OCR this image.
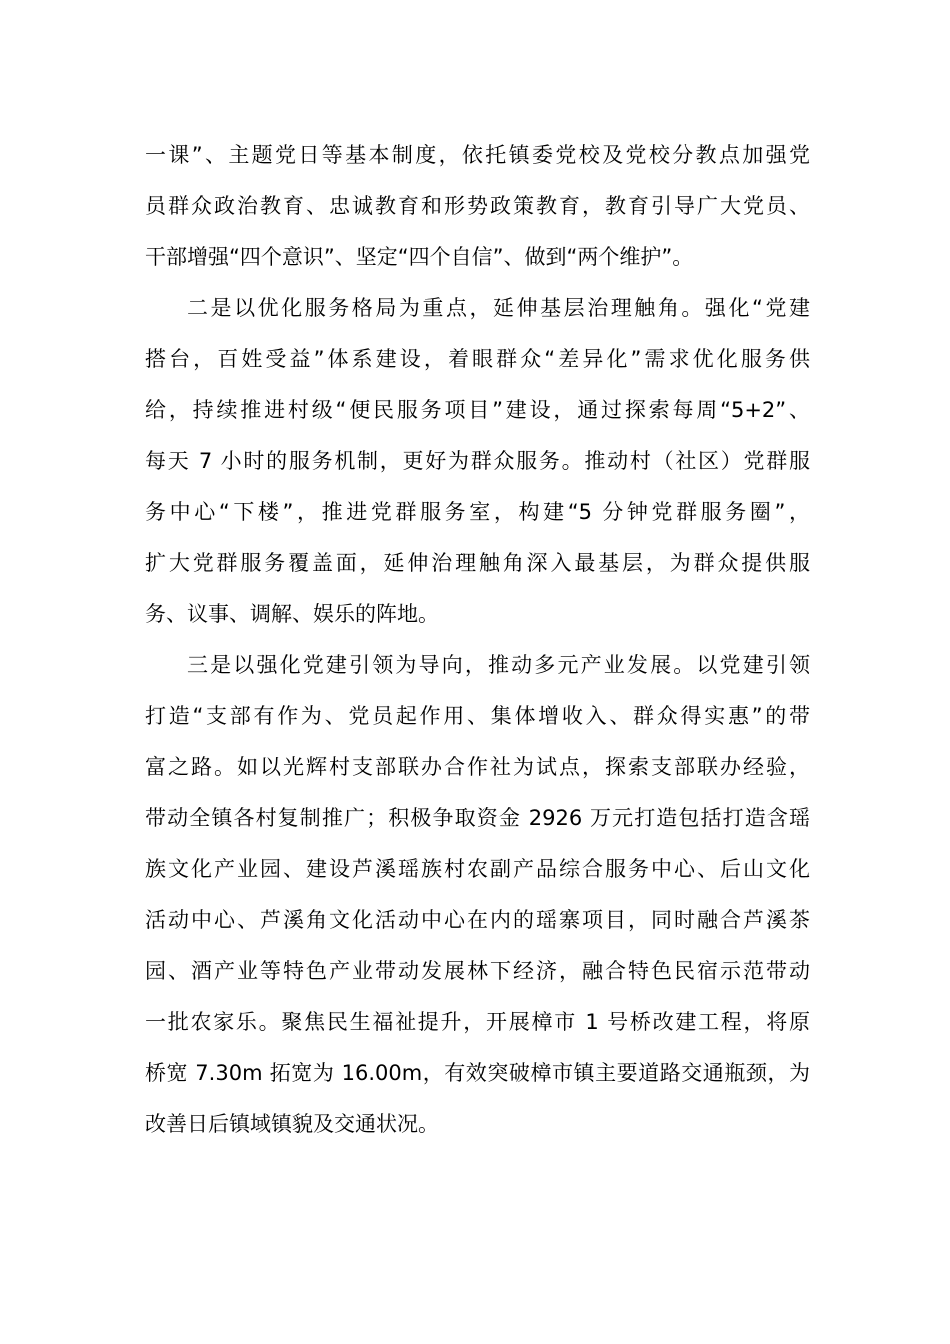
一课”、主题党日等基本制度，依托镇委党校及党校分教点加强党
员群众政治教育、忠诚教育和形势政策教育，教育引导广大党员、
干部增强“四个意识”、坚定“四个自信”、做到“两个维护”。
二是以优化服务格局为重点，延伸基层治理触角。强化“党建
搭台，百姓受益”体系建设，着眼群众“差异化”需求优化服务供
给，持续推进村级“便民服务项目”建设，通过探索每周“5+2”、
每天 7 小时的服务机制，更好为群众服务。推动村（社区）党群服
务中心“下楼”，推进党群服务室，构建“5 分钟党群服务圈”，
扩大党群服务覆盖面，延伸治理触角深入最基层，为群众提供服
务、议事、调解、娱乐的阵地。
三是以强化党建引领为导向，推动多元产业发展。以党建引领
打造“支部有作为、党员起作用、集体增收入、群众得实惠”的带
富之路。如以光辉村支部联办合作社为试点，探索支部联办经验，
带动全镇各村复制推广；积极争取资金 2926 万元打造包括打造含瑶
族文化产业园、建设芦溪瑶族村农副产品综合服务中心、后山文化
活动中心、芦溪角文化活动中心在内的瑶寨项目，同时融合芦溪茶
园、酒产业等特色产业带动发展林下经济，融合特色民宿示范带动
一批农家乐。聚焦民生福祉提升，开展樟市 1 号桥改建工程，将原
桥宽 7.30m 拓宽为 16.00m，有效突破樟市镇主要道路交通瓶颈，为
改善日后镇域镇貌及交通状况。
